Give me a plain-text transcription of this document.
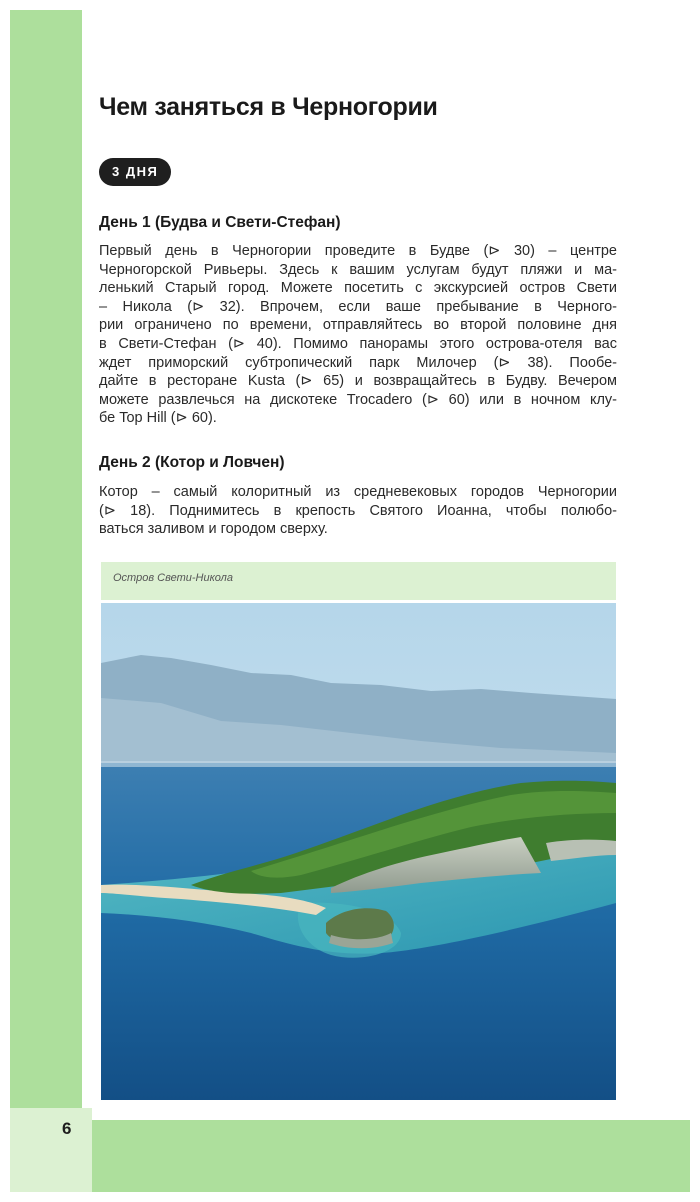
6
Чем заняться в Черногории
3 ДНЯ
День 1 (Будва и Свети-Стефан)
Первый день в Черногории проведите в Будве (⊳ 30) – центре
Черногорской Ривьеры. Здесь к вашим услугам будут пляжи и ма-
ленький Старый город. Можете посетить с экскурсией остров Свети
– Никола (⊳ 32). Впрочем, если ваше пребывание в Черного-
рии ограничено по времени, отправляйтесь во второй половине дня
в Свети-Стефан (⊳ 40). Помимо панорамы этого острова-отеля вас
ждет приморский субтропический парк Милочер (⊳ 38). Пообе-
дайте в ресторане Kusta (⊳ 65) и возвращайтесь в Будву. Вечером
можете развлечься на дискотеке Trocadero (⊳ 60) или в ночном клу-
бе Top Hill (⊳ 60).
День 2 (Котор и Ловчен)
Котор – самый колоритный из средневековых городов Черногории
(⊳ 18). Поднимитесь в крепость Святого Иоанна, чтобы полюбо-
ваться заливом и городом сверху.
Остров Свети-Никола
